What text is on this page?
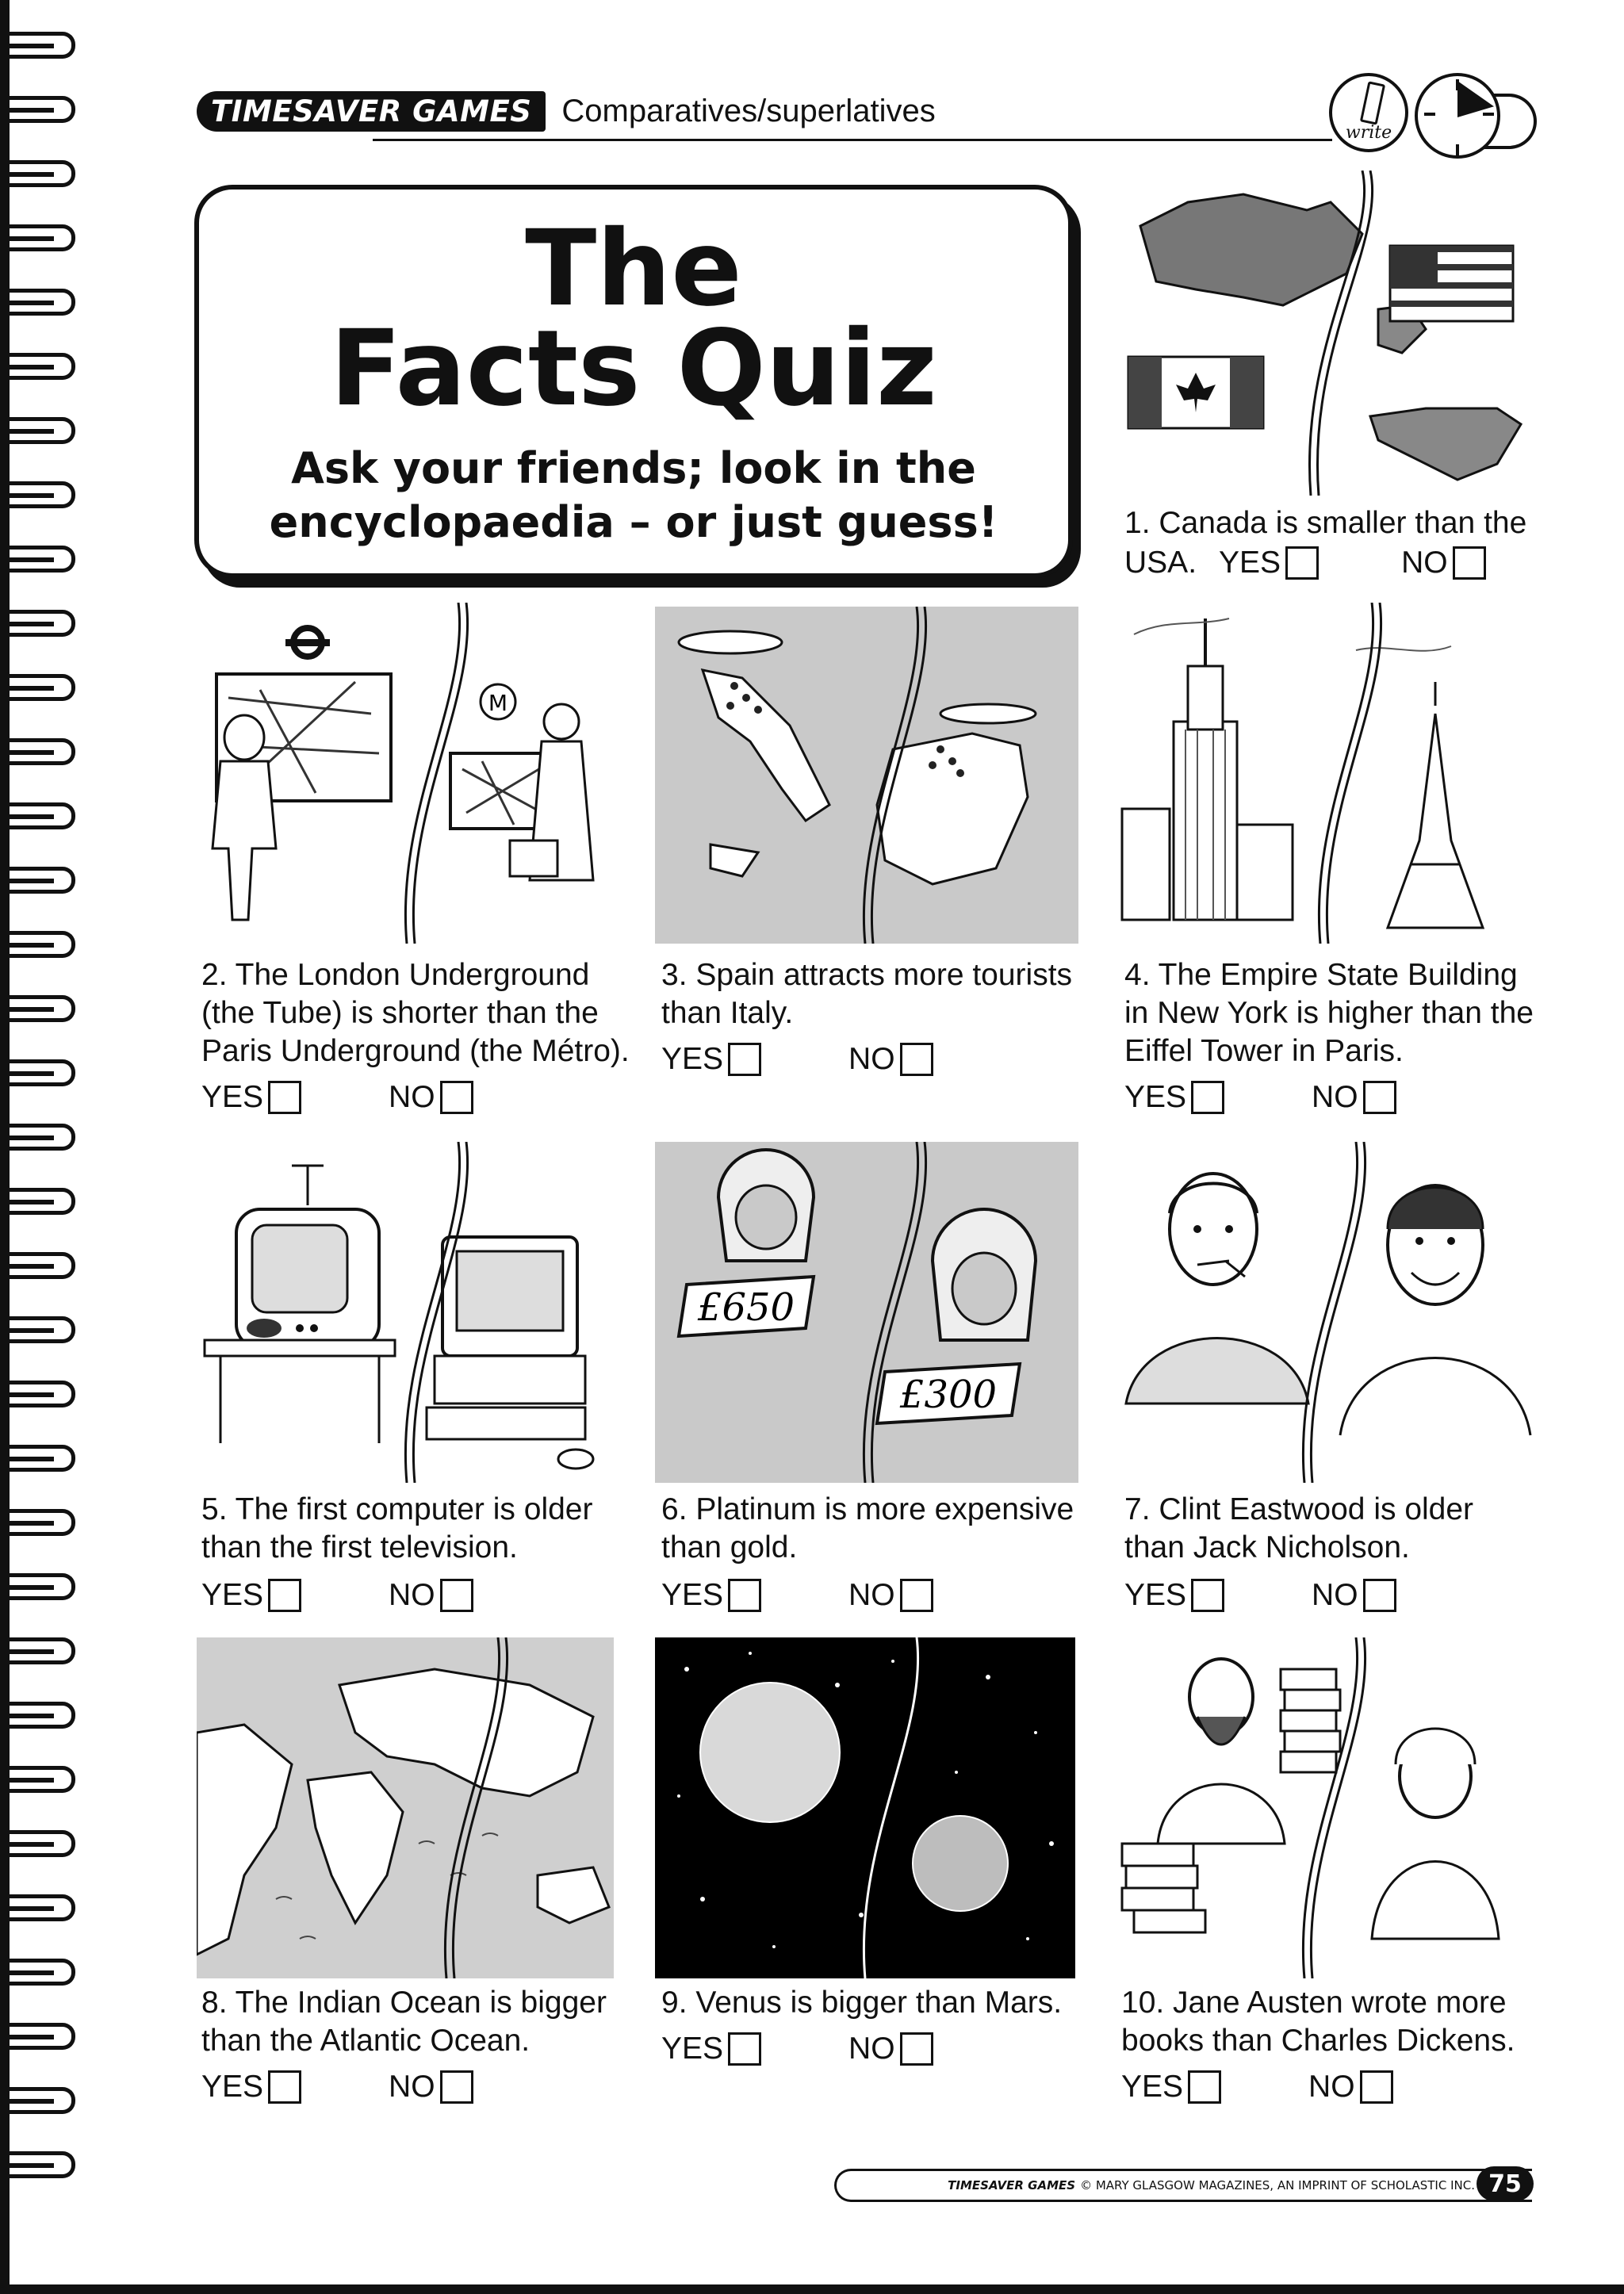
TIMESAVER GAMES Comparatives/superlatives
write
The
Facts Quiz
Ask your friends; look in the
encyclopaedia – or just guess!
M
£650
£300

1. Canada is smaller than the

USA. YES	NO

2. The London Underground

(the Tube) is shorter than the

Paris Underground (the Métro).

YES	NO

3. Spain attracts more tourists

than Italy.

YES	NO

4. The Empire State Building

in New York is higher than the

Eiffel Tower in Paris.

YES	NO

5. The first computer is older

than the first television.

YES	NO

6. Platinum is more expensive

than gold.

YES	NO

7. Clint Eastwood is older

than Jack Nicholson.

YES	NO

8. The Indian Ocean is bigger

than the Atlantic Ocean.

YES	NO

9. Venus is bigger than Mars.

YES	NO

10. Jane Austen wrote more

books than Charles Dickens.

YES	NO
TIMESAVER GAMES © MARY GLASGOW MAGAZINES, AN IMPRINT OF SCHOLASTIC INC. 75
